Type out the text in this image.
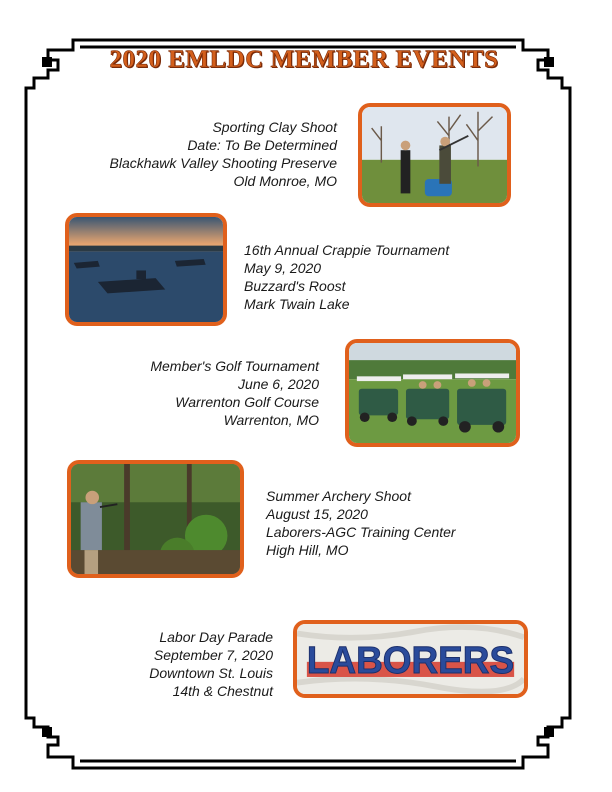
2020 EMLDC MEMBER EVENTS
Sporting Clay Shoot
Date: To Be Determined
Blackhawk Valley Shooting Preserve
Old Monroe, MO
16th Annual Crappie Tournament
May 9, 2020
Buzzard's Roost
Mark Twain Lake
Member's Golf Tournament
June 6, 2020
Warrenton Golf Course
Warrenton, MO
Summer Archery Shoot
August 15, 2020
Laborers-AGC Training Center
High Hill, MO
Labor Day Parade
September 7, 2020
Downtown St. Louis
14th & Chestnut
LABORERS
